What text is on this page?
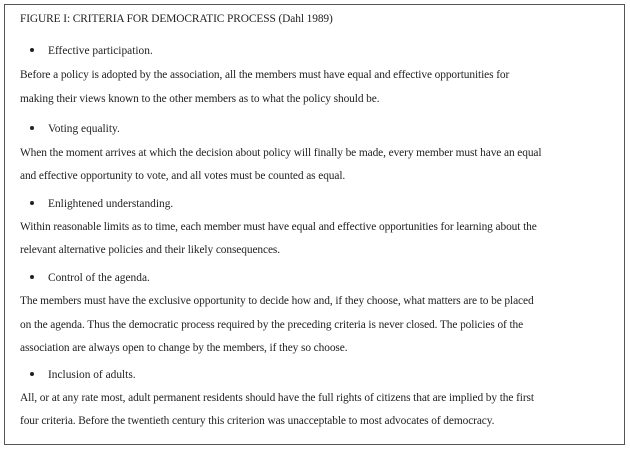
FIGURE I: CRITERIA FOR DEMOCRATIC PROCESS (Dahl 1989)
Effective participation.
Before a policy is adopted by the association, all the members must have equal and effective opportunities for
making their views known to the other members as to what the policy should be.
Voting equality.
When the moment arrives at which the decision about policy will finally be made, every member must have an equal
and effective opportunity to vote, and all votes must be counted as equal.
Enlightened understanding.
Within reasonable limits as to time, each member must have equal and effective opportunities for learning about the
relevant alternative policies and their likely consequences.
Control of the agenda.
The members must have the exclusive opportunity to decide how and, if they choose, what matters are to be placed
on the agenda. Thus the democratic process required by the preceding criteria is never closed. The policies of the
association are always open to change by the members, if they so choose.
Inclusion of adults.
All, or at any rate most, adult permanent residents should have the full rights of citizens that are implied by the first
four criteria. Before the twentieth century this criterion was unacceptable to most advocates of democracy.
